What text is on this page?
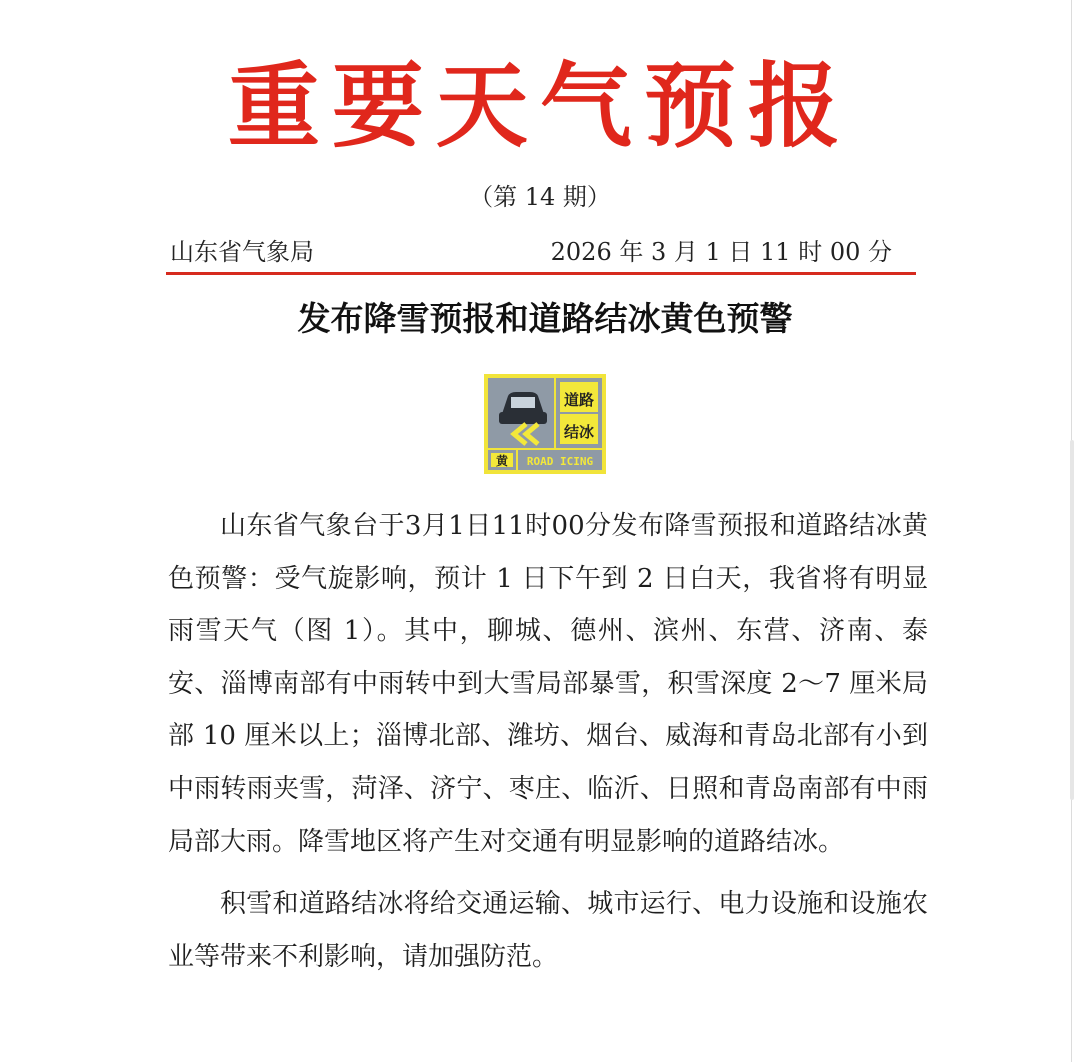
重要天气预报
（第 14 期）
山东省气象局	2026 年 3 月 1 日 11 时 00 分
发布降雪预报和道路结冰黄色预警
道路
结冰
黄 ROAD ICING

山东省气象台于3月1日11时00分发布降雪预报和道路结冰黄色预警：受气旋影响，预计 1 日下午到 2 日白天，我省将有明显雨雪天气（图 1）。其中，聊城、德州、滨州、东营、济南、泰安、淄博南部有中雨转中到大雪局部暴雪，积雪深度 2～7 厘米局部 10 厘米以上；淄博北部、潍坊、烟台、威海和青岛北部有小到中雨转雨夹雪，菏泽、济宁、枣庄、临沂、日照和青岛南部有中雨局部大雨。降雪地区将产生对交通有明显影响的道路结冰。

积雪和道路结冰将给交通运输、城市运行、电力设施和设施农业等带来不利影响，请加强防范。
